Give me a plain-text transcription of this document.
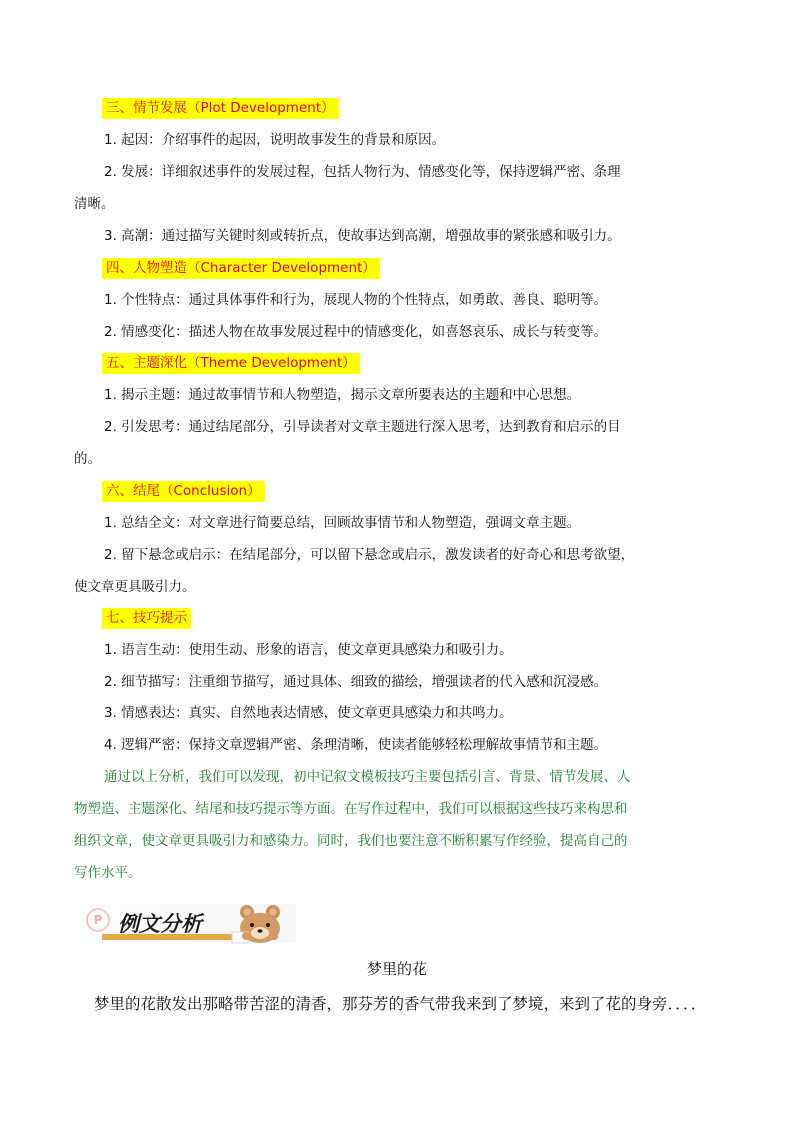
三、情节发展（Plot Development）
1. 起因：介绍事件的起因，说明故事发生的背景和原因。
2. 发展：详细叙述事件的发展过程，包括人物行为、情感变化等，保持逻辑严密、条理
清晰。
3. 高潮：通过描写关键时刻或转折点，使故事达到高潮，增强故事的紧张感和吸引力。
四、人物塑造（Character Development）
1. 个性特点：通过具体事件和行为，展现人物的个性特点，如勇敢、善良、聪明等。
2. 情感变化：描述人物在故事发展过程中的情感变化，如喜怒哀乐、成长与转变等。
五、主题深化（Theme Development）
1. 揭示主题：通过故事情节和人物塑造，揭示文章所要表达的主题和中心思想。
2. 引发思考：通过结尾部分，引导读者对文章主题进行深入思考，达到教育和启示的目
的。
六、结尾（Conclusion）
1. 总结全文：对文章进行简要总结，回顾故事情节和人物塑造，强调文章主题。
2. 留下悬念或启示：在结尾部分，可以留下悬念或启示，激发读者的好奇心和思考欲望，
使文章更具吸引力。
七、技巧提示
1. 语言生动：使用生动、形象的语言，使文章更具感染力和吸引力。
2. 细节描写：注重细节描写，通过具体、细致的描绘，增强读者的代入感和沉浸感。
3. 情感表达：真实、自然地表达情感，使文章更具感染力和共鸣力。
4. 逻辑严密：保持文章逻辑严密、条理清晰，使读者能够轻松理解故事情节和主题。
通过以上分析，我们可以发现，初中记叙文模板技巧主要包括引言、背景、情节发展、人
物塑造、主题深化、结尾和技巧提示等方面。在写作过程中，我们可以根据这些技巧来构思和
组织文章，使文章更具吸引力和感染力。同时，我们也要注意不断积累写作经验，提高自己的
写作水平。
P 例文分析
梦里的花
梦里的花散发出那略带苦涩的清香，那芬芳的香气带我来到了梦境，来到了花的身旁．．．．
